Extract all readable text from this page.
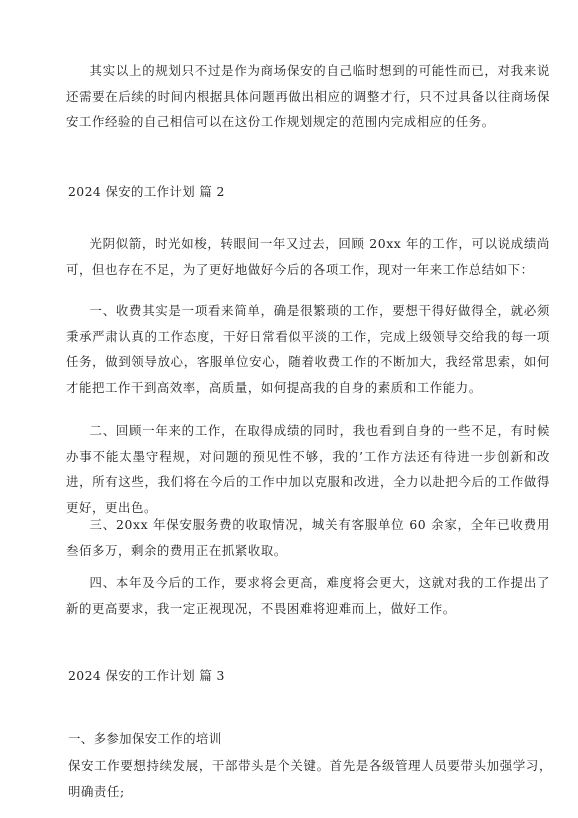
其实以上的规划只不过是作为商场保安的自己临时想到的可能性而已，对我来说还需要在后续的时间内根据具体问题再做出相应的调整才行，只不过具备以往商场保安工作经验的自己相信可以在这份工作规划规定的范围内完成相应的任务。

2024 保安的工作计划 篇 2

光阴似箭，时光如梭，转眼间一年又过去，回顾 20xx 年的工作，可以说成绩尚可，但也存在不足，为了更好地做好今后的各项工作，现对一年来工作总结如下：

一、收费其实是一项看来简单，确是很繁琐的工作，要想干得好做得全，就必须秉承严肃认真的工作态度，干好日常看似平淡的工作，完成上级领导交给我的每一项任务，做到领导放心，客服单位安心，随着收费工作的不断加大，我经常思索，如何才能把工作干到高效率，高质量，如何提高我的自身的素质和工作能力。

二、回顾一年来的工作，在取得成绩的同时，我也看到自身的一些不足，有时候办事不能太墨守程规，对问题的预见性不够，我的’工作方法还有待进一步创新和改进，所有这些，我们将在今后的工作中加以克服和改进，全力以赴把今后的工作做得更好，更出色。

三、20xx 年保安服务费的收取情况，城关有客服单位 60 余家，全年已收费用叁佰多万，剩余的费用正在抓紧收取。

四、本年及今后的工作，要求将会更高，难度将会更大，这就对我的工作提出了新的更高要求，我一定正视现况，不畏困难将迎难而上，做好工作。

2024 保安的工作计划 篇 3

一、多参加保安工作的培训

保安工作要想持续发展，干部带头是个关键。首先是各级管理人员要带头加强学习，明确责任;
